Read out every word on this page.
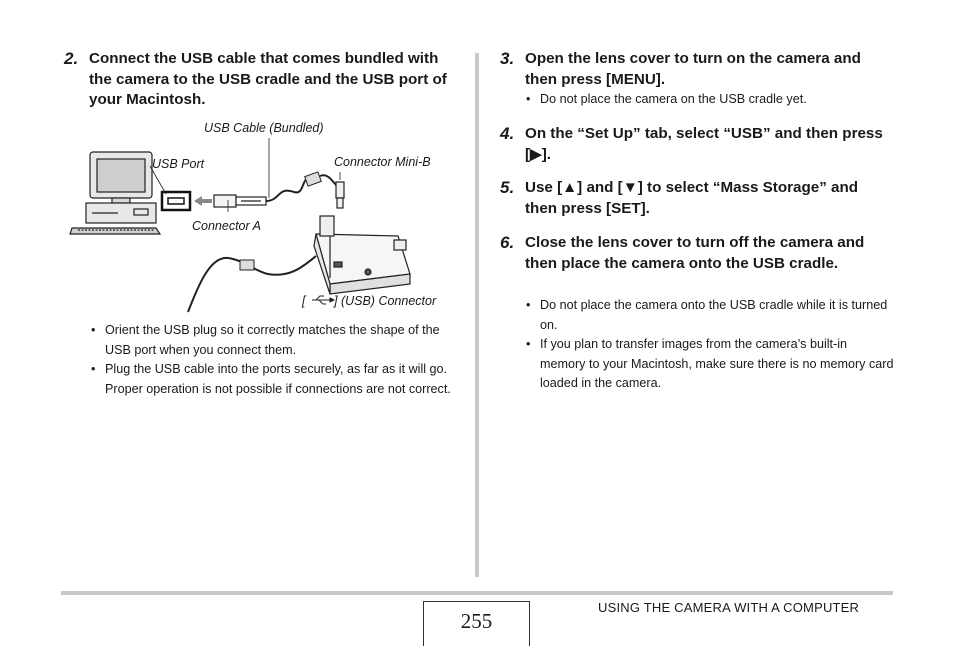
2. Connect the USB cable that comes bundled with the camera to the USB cradle and the USB port of your Macintosh.
USB Cable (Bundled)
USB Port	Connector Mini-B
Connector A
[ ] (USB) Connector
• Orient the USB plug so it correctly matches the shape of the USB port when you connect them.
• Plug the USB cable into the ports securely, as far as it will go. Proper operation is not possible if connections are not correct.
3. Open the lens cover to turn on the camera and then press [MENU].
• Do not place the camera on the USB cradle yet.
4. On the “Set Up” tab, select “USB” and then press [▶].
5. Use [▲] and [▼] to select “Mass Storage” and then press [SET].
6. Close the lens cover to turn off the camera and then place the camera onto the USB cradle.
• Do not place the camera onto the USB cradle while it is turned on.
• If you plan to transfer images from the camera’s built-in memory to your Macintosh, make sure there is no memory card loaded in the camera.
255
USING THE CAMERA WITH A COMPUTER
